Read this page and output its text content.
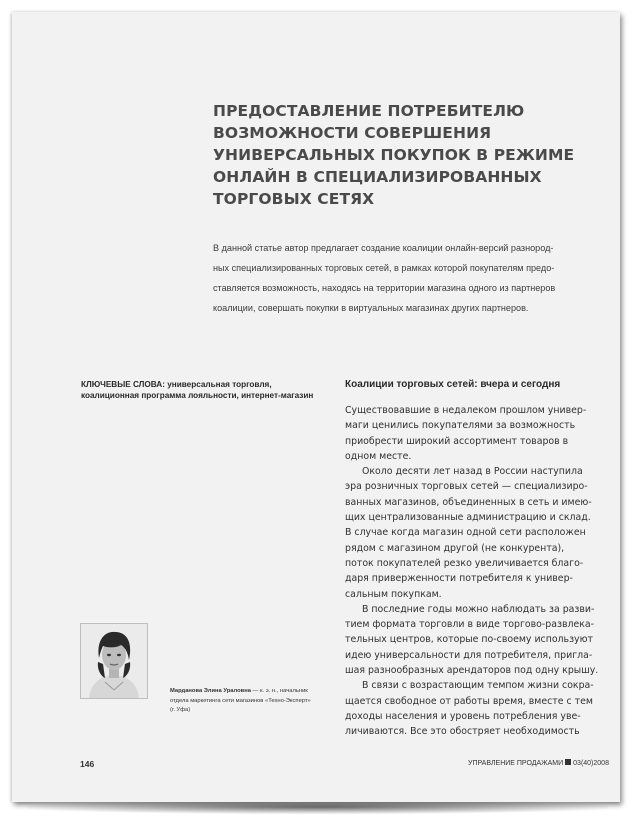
ПРЕДОСТАВЛЕНИЕ ПОТРЕБИТЕЛЮ
ВОЗМОЖНОСТИ СОВЕРШЕНИЯ
УНИВЕРСАЛЬНЫХ ПОКУПОК В РЕЖИМЕ
ОНЛАЙН В СПЕЦИАЛИЗИРОВАННЫХ
ТОРГОВЫХ СЕТЯХ
В данной статье автор предлагает создание коалиции онлайн-версий разнород-
ных специализированных торговых сетей, в рамках которой покупателям предо-
ставляется возможность, находясь на территории магазина одного из партнеров
коалиции, совершать покупки в виртуальных магазинах других партнеров.
КЛЮЧЕВЫЕ СЛОВА: универсальная торговля, коалиционная программа лояльности, интернет-магазин
Коалиции торговых сетей: вчера и сегодня
Существовавшие в недалеком прошлом универ-
маги ценились покупателями за возможность
приобрести широкий ассортимент товаров в
одном месте.
Около десяти лет назад в России наступила
эра розничных торговых сетей — специализиро-
ванных магазинов, объединенных в сеть и имею-
щих централизованные администрацию и склад.
В случае когда магазин одной сети расположен
рядом с магазином другой (не конкурента),
поток покупателей резко увеличивается благо-
даря приверженности потребителя к универ-
сальным покупкам.
В последние годы можно наблюдать за разви-
тием формата торговли в виде торгово-развлека-
тельных центров, которые по-своему используют
идею универсальности для потребителя, пригла-
шая разнообразных арендаторов под одну крышу.
В связи с возрастающим темпом жизни сокра-
щается свободное от работы время, вместе с тем
доходы населения и уровень потребления уве-
личиваются. Все это обостряет необходимость
Марданова Элина Ураловна — к. э. н., начальник
отдела маркетинга сети магазинов «Техно-Эксперт»
(г. Уфа)
146	УПРАВЛЕНИЕ ПРОДАЖАМИ 03(40)2008
